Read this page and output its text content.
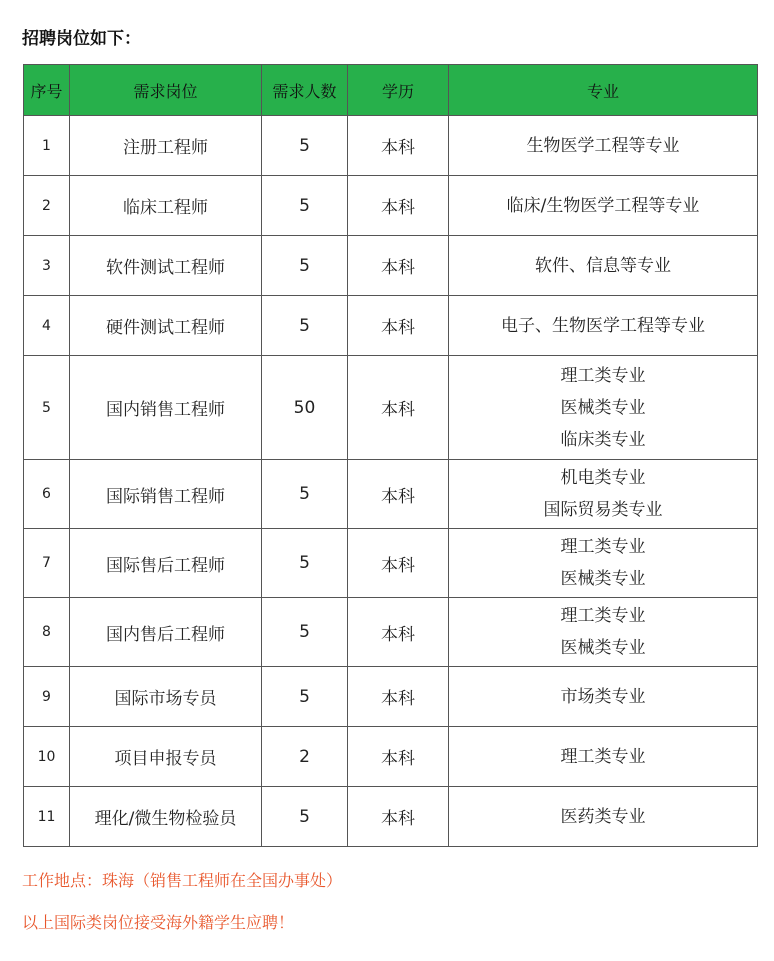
招聘岗位如下：
序号	需求岗位	需求人数	学历	专业
1	注册工程师	5	本科	生物医学工程等专业

2	临床工程师	5	本科	临床/生物医学工程等专业

3	软件测试工程师	5	本科	软件、信息等专业

4	硬件测试工程师	5	本科	电子、生物医学工程等专业

5	国内销售工程师	50	本科	理工类专业
医械类专业
临床类专业

6	国际销售工程师	5	本科	机电类专业
国际贸易类专业

7	国际售后工程师	5	本科	理工类专业
医械类专业

8	国内售后工程师	5	本科	理工类专业
医械类专业

9	国际市场专员	5	本科	市场类专业

10	项目申报专员	2	本科	理工类专业

11	理化/微生物检验员	5	本科	医药类专业
工作地点：珠海（销售工程师在全国办事处）
以上国际类岗位接受海外籍学生应聘！
